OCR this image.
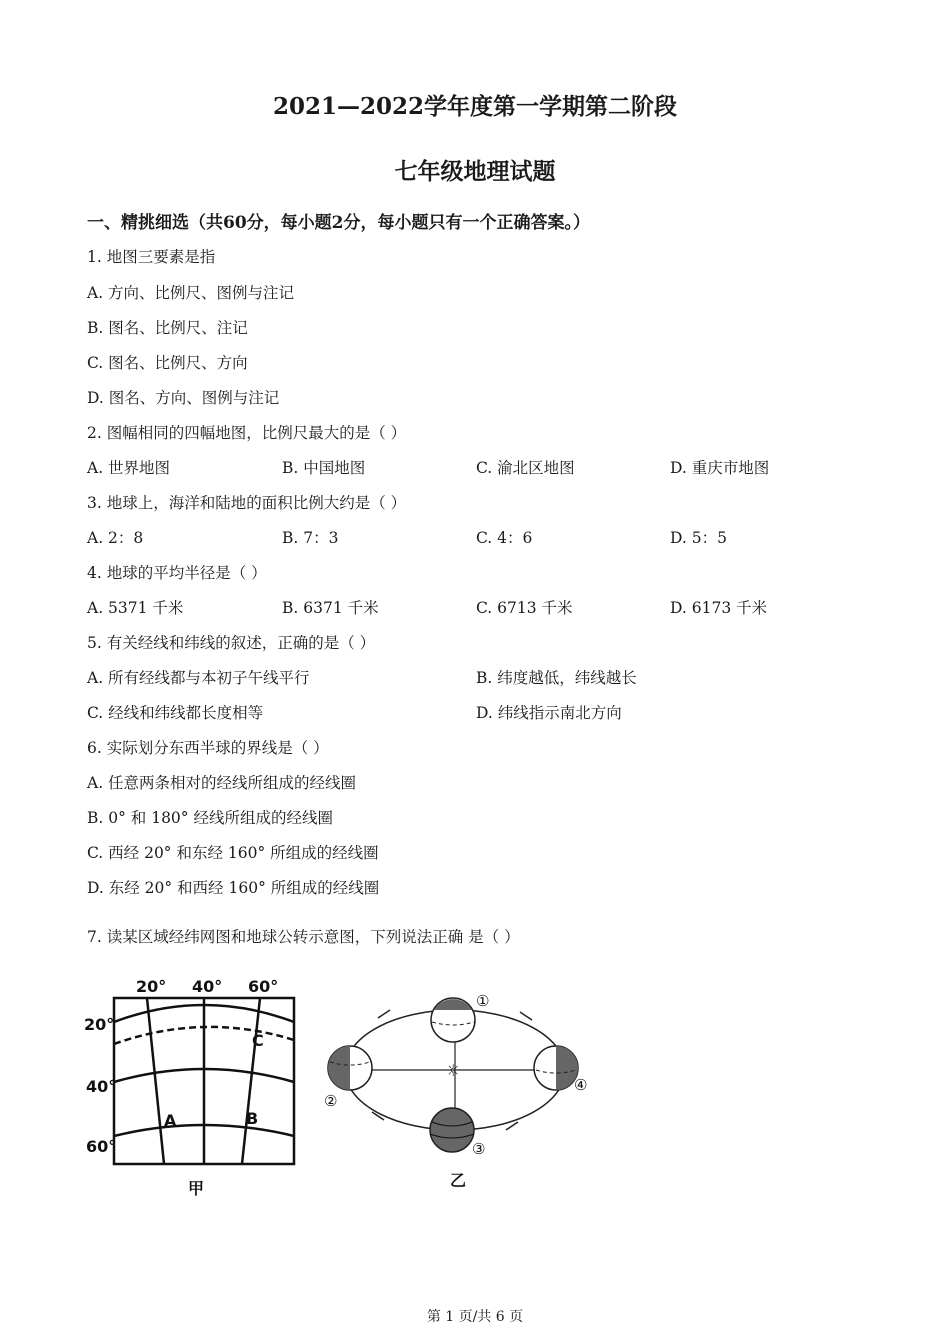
2021—2022学年度第一学期第二阶段
七年级地理试题
一、精挑细选（共60分，每小题2分，每小题只有一个正确答案。）
1. 地图三要素是指
A. 方向、比例尺、图例与注记
B. 图名、比例尺、注记
C. 图名、比例尺、方向
D. 图名、方向、图例与注记
2. 图幅相同的四幅地图，比例尺最大的是（ ）
A. 世界地图	B. 中国地图	C. 渝北区地图	D. 重庆市地图
3. 地球上，海洋和陆地的面积比例大约是（ ）
A. 2：8	B. 7：3	C. 4：6	D. 5：5
4. 地球的平均半径是（ ）
A. 5371 千米	B. 6371 千米	C. 6713 千米	D. 6173 千米
5. 有关经线和纬线的叙述，正确的是（ ）
A. 所有经线都与本初子午线平行	B. 纬度越低，纬线越长
C. 经线和纬线都长度相等	D. 纬线指示南北方向
6. 实际划分东西半球的界线是（ ）
A. 任意两条相对的经线所组成的经线圈
B. 0° 和 180° 经线所组成的经线圈
C. 西经 20° 和东经 160° 所组成的经线圈
D. 东经 20° 和西经 160° 所组成的经线圈
7. 读某区域经纬网图和地球公转示意图，下列说法正确 是（ ）
20° 40° 60°
20°
40°
60°
A	B
C
甲
☼
①
②
③
④
乙
第 1 页/共 6 页
